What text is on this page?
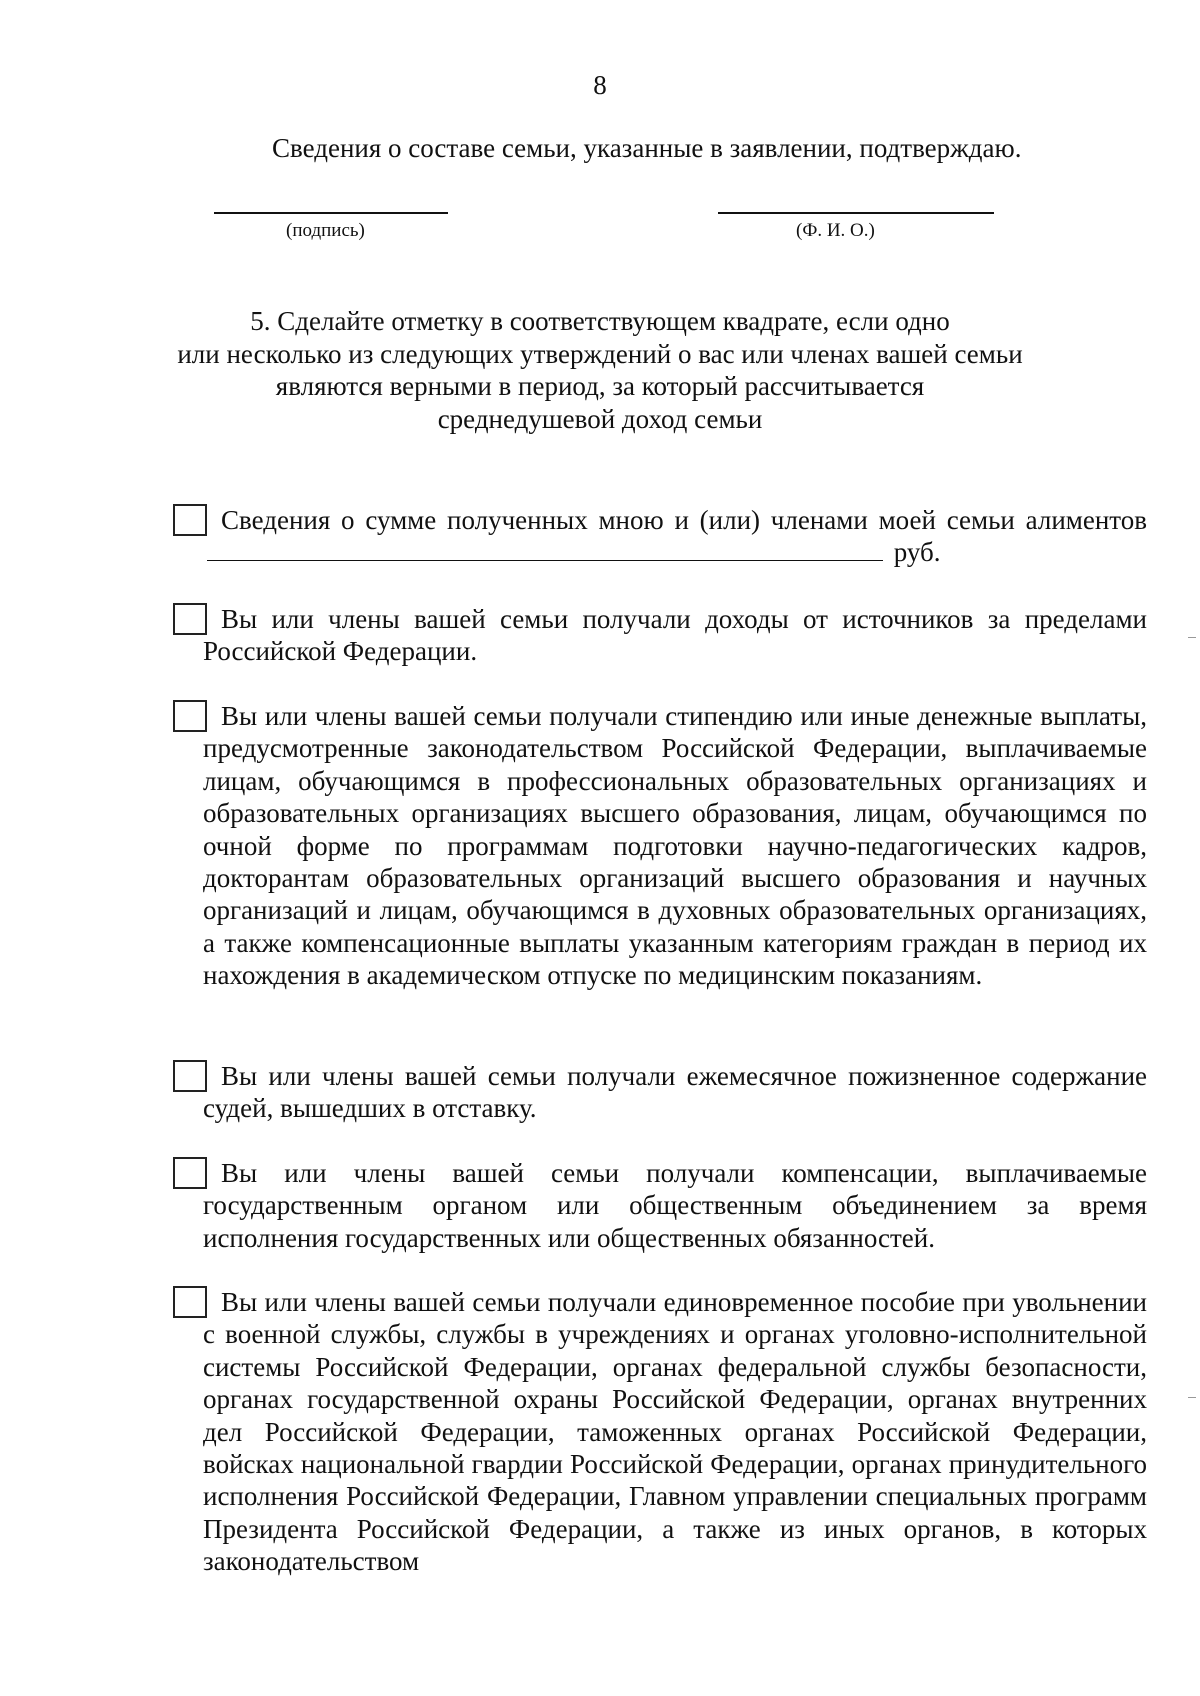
8
Сведения о составе семьи, указанные в заявлении, подтверждаю.
(подпись)	(Ф. И. О.)
5. Сделайте отметку в соответствующем квадрате, если одно
или несколько из следующих утверждений о вас или членах вашей семьи
являются верными в период, за который рассчитывается
среднедушевой доход семьи
Сведения о сумме полученных мною и (или) членами моей семьи алиментов  руб.
Вы или члены вашей семьи получали доходы от источников за пределами Российской Федерации.
Вы или члены вашей семьи получали стипендию или иные денежные выплаты, предусмотренные законодательством Российской Федерации, выплачиваемые лицам, обучающимся в профессиональных образовательных организациях и образовательных организациях высшего образования, лицам, обучающимся по очной форме по программам подготовки научно-педагогических кадров, докторантам образовательных организаций высшего образования и научных организаций и лицам, обучающимся в духовных образовательных организациях, а также компенсационные выплаты указанным категориям граждан в период их нахождения в академическом отпуске по медицинским показаниям.
Вы или члены вашей семьи получали ежемесячное пожизненное содержание судей, вышедших в отставку.
Вы или члены вашей семьи получали компенсации, выплачиваемые государственным органом или общественным объединением за время исполнения государственных или общественных обязанностей.
Вы или члены вашей семьи получали единовременное пособие при увольнении с военной службы, службы в учреждениях и органах уголовно-исполнительной системы Российской Федерации, органах федеральной службы безопасности, органах государственной охраны Российской Федерации, органах внутренних дел Российской Федерации, таможенных органах Российской Федерации, войсках национальной гвардии Российской Федерации, органах принудительного исполнения Российской Федерации, Главном управлении специальных программ Президента Российской Федерации, а также из иных органов, в которых законодательством
